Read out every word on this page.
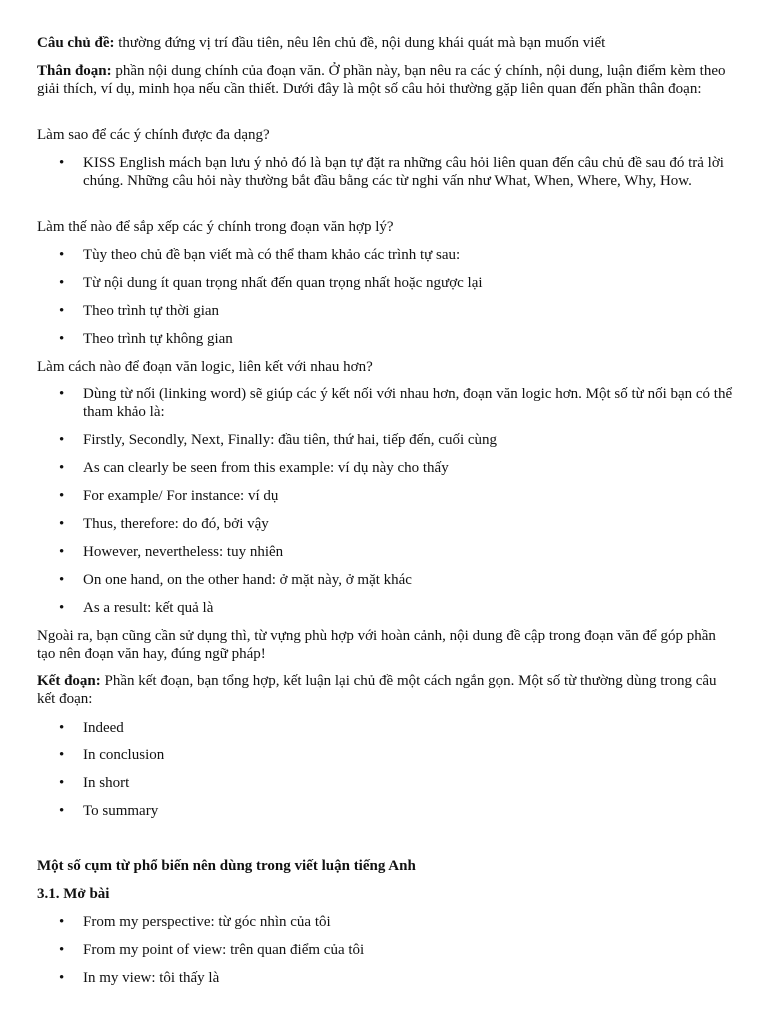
Câu chủ đề: thường đứng vị trí đầu tiên, nêu lên chủ đề, nội dung khái quát mà bạn muốn viết

Thân đoạn: phần nội dung chính của đoạn văn. Ở phần này, bạn nêu ra các ý chính, nội dung, luận điểm kèm theo giải thích, ví dụ, minh họa nếu cần thiết. Dưới đây là một số câu hỏi thường gặp liên quan đến phần thân đoạn:

Làm sao để các ý chính được đa dạng?

•	KISS English mách bạn lưu ý nhỏ đó là bạn tự đặt ra những câu hỏi liên quan đến câu chủ đề sau đó trả lời chúng. Những câu hỏi này thường bắt đầu bằng các từ nghi vấn như What, When, Where, Why, How.

Làm thế nào để sắp xếp các ý chính trong đoạn văn hợp lý?

•	Tùy theo chủ đề bạn viết mà có thể tham khảo các trình tự sau:

•	Từ nội dung ít quan trọng nhất đến quan trọng nhất hoặc ngược lại

•	Theo trình tự thời gian

•	Theo trình tự không gian

Làm cách nào để đoạn văn logic, liên kết với nhau hơn?

•	Dùng từ nối (linking word) sẽ giúp các ý kết nối với nhau hơn, đoạn văn logic hơn. Một số từ nối bạn có thể tham khảo là:

•	Firstly, Secondly, Next, Finally: đầu tiên, thứ hai, tiếp đến, cuối cùng

•	As can clearly be seen from this example: ví dụ này cho thấy

•	For example/ For instance: ví dụ

•	Thus, therefore: do đó, bởi vậy

•	However, nevertheless: tuy nhiên

•	On one hand, on the other hand: ở mặt này, ở mặt khác

•	As a result: kết quả là

Ngoài ra, bạn cũng cần sử dụng thì, từ vựng phù hợp với hoàn cảnh, nội dung đề cập trong đoạn văn để góp phần tạo nên đoạn văn hay, đúng ngữ pháp!

Kết đoạn: Phần kết đoạn, bạn tổng hợp, kết luận lại chủ đề một cách ngắn gọn. Một số từ thường dùng trong câu kết đoạn:

•	Indeed

•	In conclusion

•	In short

•	To summary

Một số cụm từ phổ biến nên dùng trong viết luận tiếng Anh

3.1. Mở bài

•	From my perspective: từ góc nhìn của tôi

•	From my point of view: trên quan điểm của tôi

•	In my view: tôi thấy là
